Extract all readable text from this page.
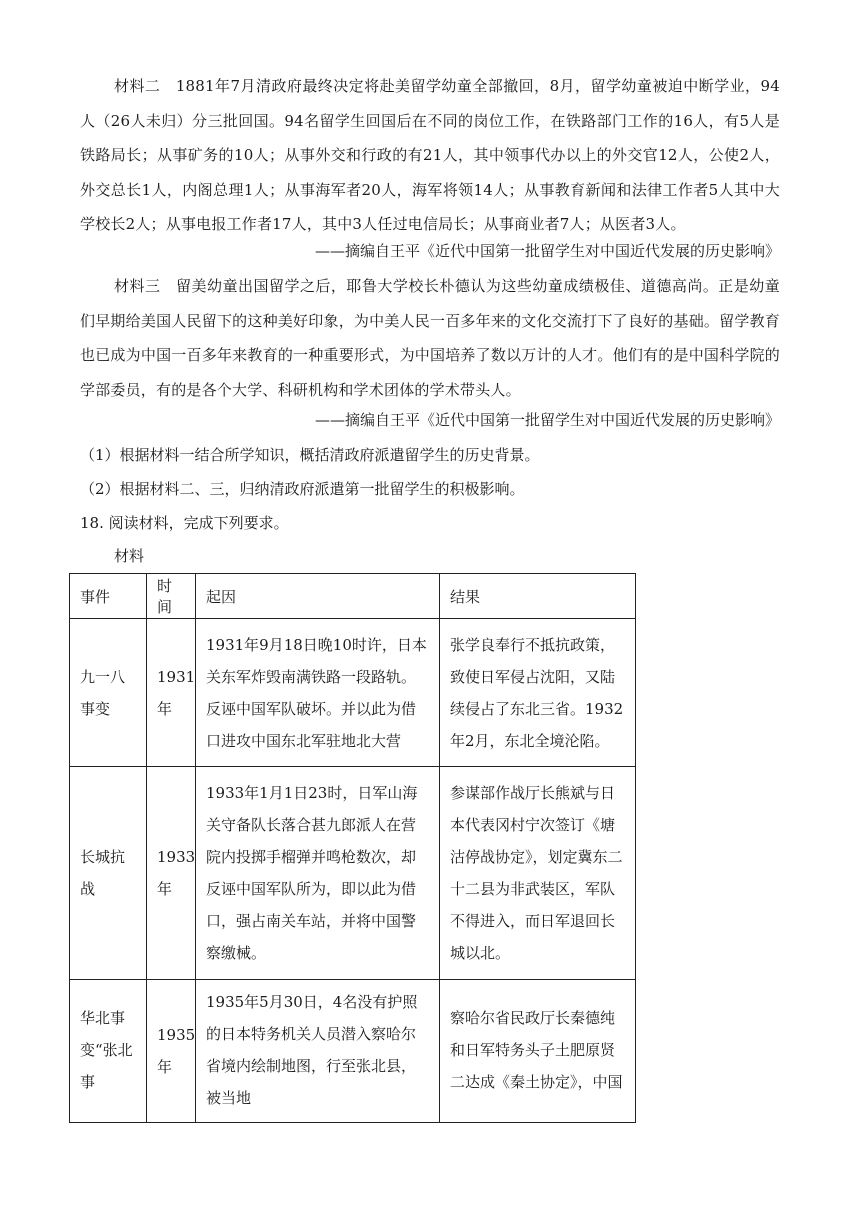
材料二　1881年7月清政府最终决定将赴美留学幼童全部撤回，8月，留学幼童被迫中断学业，94人（26人未归）分三批回国。94名留学生回国后在不同的岗位工作，在铁路部门工作的16人，有5人是铁路局长；从事矿务的10人；从事外交和行政的有21人，其中领事代办以上的外交官12人，公使2人，外交总长1人，内阁总理1人；从事海军者20人，海军将领14人；从事教育新闻和法律工作者5人其中大学校长2人；从事电报工作者17人，其中3人任过电信局长；从事商业者7人；从医者3人。

——摘编自王平《近代中国第一批留学生对中国近代发展的历史影响》

材料三　留美幼童出国留学之后，耶鲁大学校长朴德认为这些幼童成绩极佳、道德高尚。正是幼童们早期给美国人民留下的这种美好印象，为中美人民一百多年来的文化交流打下了良好的基础。留学教育也已成为中国一百多年来教育的一种重要形式，为中国培养了数以万计的人才。他们有的是中国科学院的学部委员，有的是各个大学、科研机构和学术团体的学术带头人。

——摘编自王平《近代中国第一批留学生对中国近代发展的历史影响》

（1）根据材料一结合所学知识，概括清政府派遣留学生的历史背景。

（2）根据材料二、三，归纳清政府派遣第一批留学生的积极影响。

18. 阅读材料，完成下列要求。

材料

事件	时间	起因	结果

九一八事变	1931年	1931年9月18日晚10时许，日本关东军炸毁南满铁路一段路轨。反诬中国军队破坏。并以此为借口进攻中国东北军驻地北大营	张学良奉行不抵抗政策，致使日军侵占沈阳，又陆续侵占了东北三省。1932年2月，东北全境沦陷。

长城抗战	1933年	1933年1月1日23时，日军山海关守备队长落合甚九郎派人在营院内投掷手榴弹并鸣枪数次，却反诬中国军队所为，即以此为借口，强占南关车站，并将中国警察缴械。	参谋部作战厅长熊斌与日本代表冈村宁次签订《塘沽停战协定》，划定冀东二十二县为非武装区，军队不得进入，而日军退回长城以北。

华北事变“张北事	1935年	1935年5月30日，4名没有护照的日本特务机关人员潜入察哈尔省境内绘制地图，行至张北县，被当地	察哈尔省民政厅长秦德纯和日军特务头子土肥原贤二达成《秦土协定》，中国
